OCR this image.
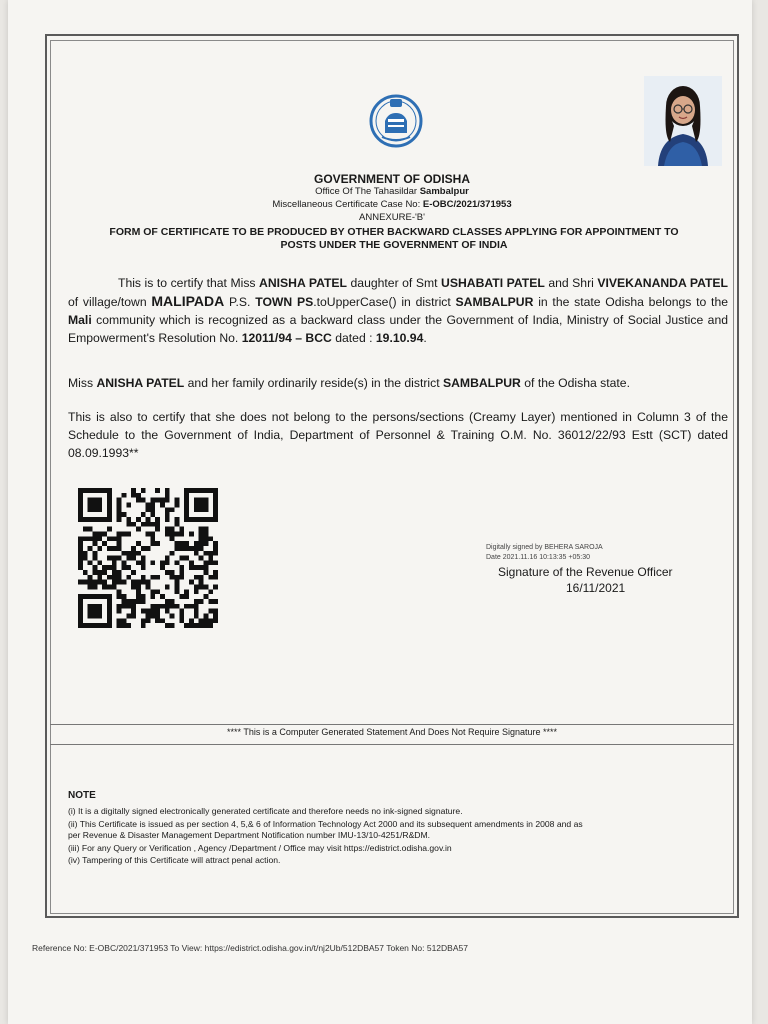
GOVERNMENT OF ODISHA
Office Of The Tahasildar Sambalpur
Miscellaneous Certificate Case No: E-OBC/2021/371953
ANNEXURE-'B'
FORM OF CERTIFICATE TO BE PRODUCED BY OTHER BACKWARD CLASSES APPLYING FOR APPOINTMENT TO
POSTS UNDER THE GOVERNMENT OF INDIA
This is to certify that Miss ANISHA PATEL daughter of Smt USHABATI PATEL and Shri VIVEKANANDA PATEL of village/town MALIPADA P.S. TOWN PS.toUpperCase() in district SAMBALPUR in the state Odisha belongs to the Mali community which is recognized as a backward class under the Government of India, Ministry of Social Justice and Empowerment's Resolution No. 12011/94 – BCC dated : 19.10.94.
Miss ANISHA PATEL and her family ordinarily reside(s) in the district SAMBALPUR of the Odisha state.
This is also to certify that she does not belong to the persons/sections (Creamy Layer) mentioned in Column 3 of the Schedule to the Government of India, Department of Personnel & Training O.M. No. 36012/22/93 Estt (SCT) dated 08.09.1993**
Digitally signed by BEHERA SAROJA
Date 2021.11.16 10:13:35 +05:30
Signature of the Revenue Officer
16/11/2021
**** This is a Computer Generated Statement And Does Not Require Signature ****
NOTE
(i) It is a digitally signed electronically generated certificate and therefore needs no ink-signed signature.
(ii) This Certificate is issued as per section 4, 5,& 6 of Information Technology Act 2000 and its subsequent amendments in 2008 and as
per Revenue & Disaster Management Department Notification number IMU-13/10-4251/R&DM.
(iii) For any Query or Verification , Agency /Department / Office may visit https://edistrict.odisha.gov.in
(iv) Tampering of this Certificate will attract penal action.
Reference No: E-OBC/2021/371953 To View: https://edistrict.odisha.gov.in/t/nj2Ub/512DBA57 Token No: 512DBA57
